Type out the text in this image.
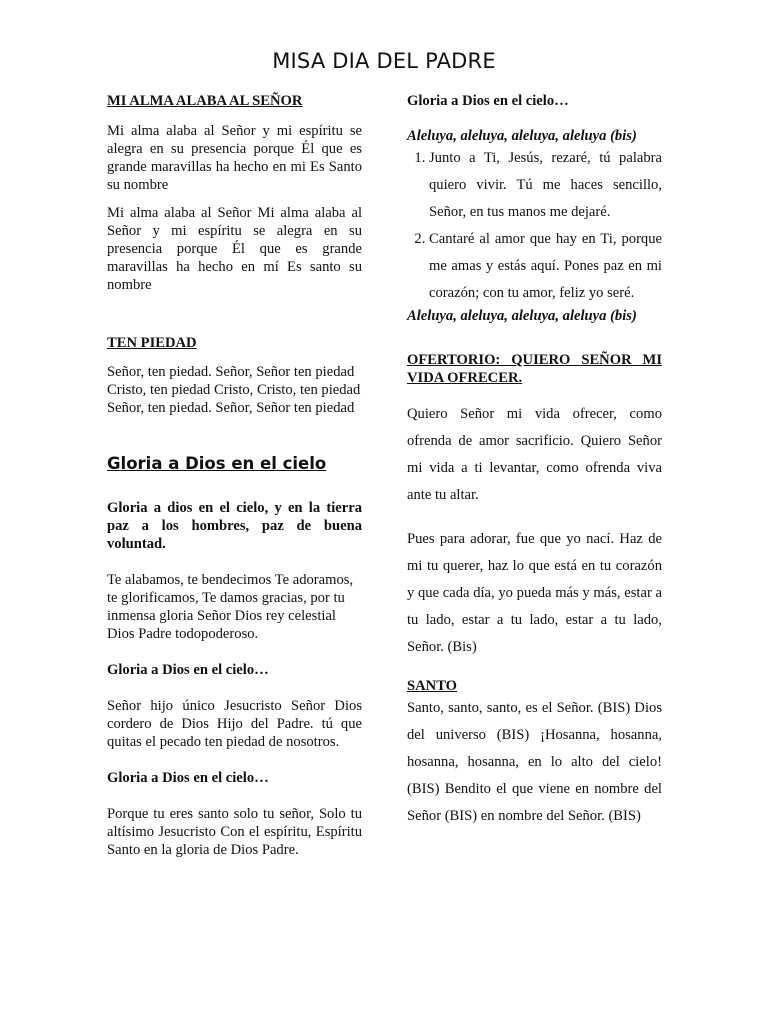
MISA DIA DEL PADRE

MI ALMA ALABA AL SEÑOR

Mi alma alaba al Señor y mi espíritu se alegra en su presencia porque Él que es grande maravillas ha hecho en mi Es Santo su nombre

Mi alma alaba al Señor Mi alma alaba al Señor y mi espíritu se alegra en su presencia porque Él que es grande maravillas ha hecho en mí Es santo su nombre

TEN PIEDAD

Señor, ten piedad. Señor, Señor ten piedad

Cristo, ten piedad Cristo, Cristo, ten piedad

Señor, ten piedad. Señor, Señor ten piedad

Gloria a Dios en el cielo

Gloria a dios en el cielo, y en la tierra paz a los hombres, paz de buena voluntad.

Te alabamos, te bendecimos Te adoramos, te glorificamos, Te damos gracias, por tu inmensa gloria Señor Dios rey celestial Dios Padre todopoderoso.

Gloria a Dios en el cielo…

Señor hijo único Jesucristo Señor Dios cordero de Dios Hijo del Padre. tú que quitas el pecado ten piedad de nosotros.

Gloria a Dios en el cielo…

Porque tu eres santo solo tu señor, Solo tu altísimo Jesucristo Con el espíritu, Espíritu Santo en la gloria de Dios Padre.

Gloria a Dios en el cielo…

Aleluya, aleluya, aleluya, aleluya (bis)

1. Junto a Ti, Jesús, rezaré, tú palabra quiero vivir. Tú me haces sencillo, Señor, en tus manos me dejaré.
2. Cantaré al amor que hay en Ti, porque me amas y estás aquí. Pones paz en mi corazón; con tu amor, feliz yo seré.

Aleluya, aleluya, aleluya, aleluya (bis)

OFERTORIO: QUIERO SEÑOR MI VIDA OFRECER.

Quiero Señor mi vida ofrecer, como ofrenda de amor sacrificio. Quiero Señor mi vida a ti levantar, como ofrenda viva ante tu altar.

Pues para adorar, fue que yo nací. Haz de mi tu querer, haz lo que está en tu corazón y que cada día, yo pueda más y más, estar a tu lado, estar a tu lado, estar a tu lado, Señor. (Bis)

SANTO

Santo, santo, santo, es el Señor. (BIS) Dios del universo (BIS) ¡Hosanna, hosanna, hosanna, hosanna, en lo alto del cielo! (BIS) Bendito el que viene en nombre del Señor (BIS) en nombre del Señor. (BIS)
